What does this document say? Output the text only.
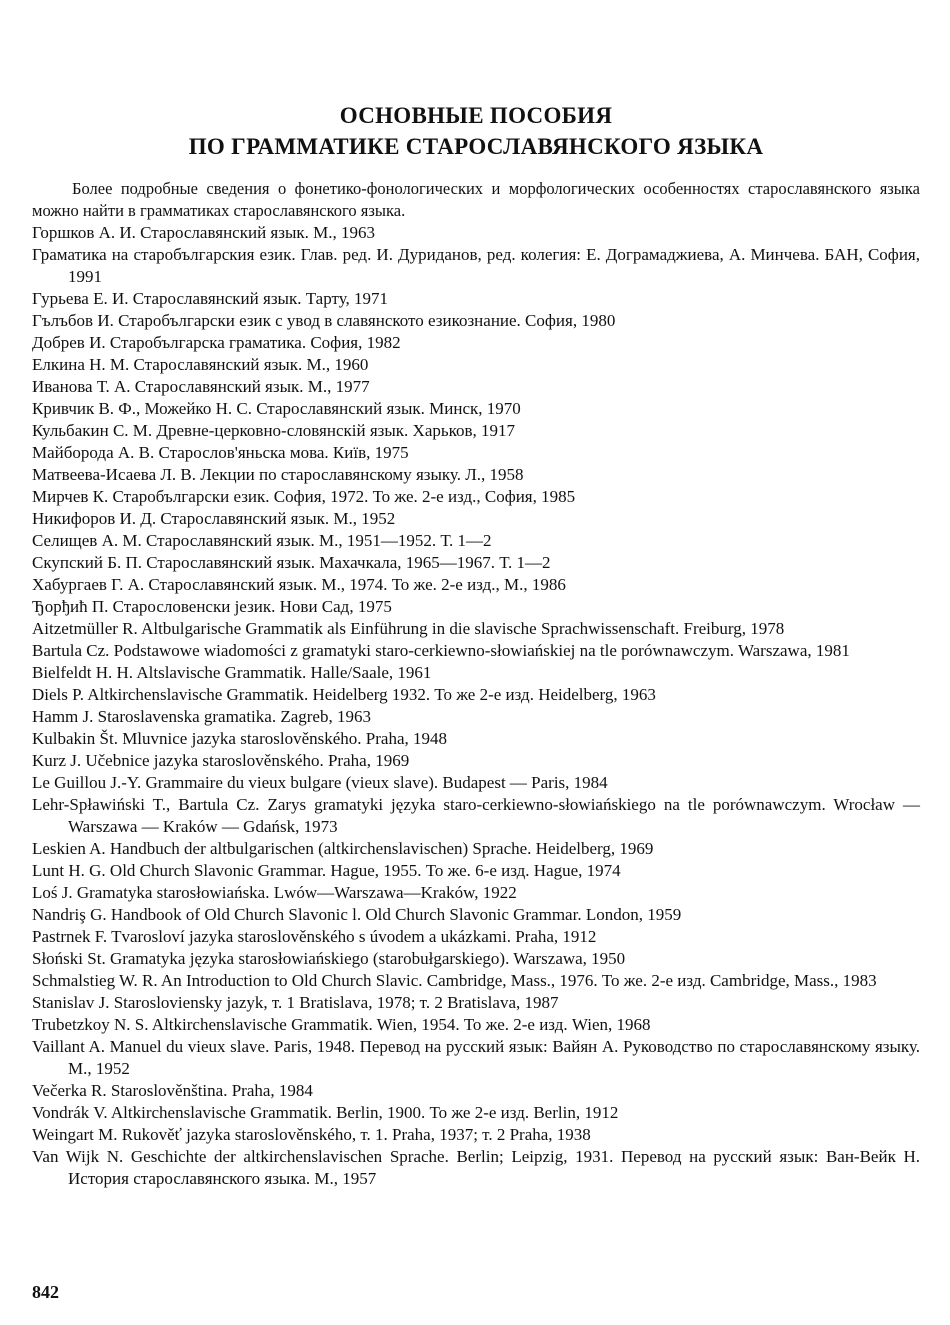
ОСНОВНЫЕ ПОСОБИЯ
ПО ГРАММАТИКЕ СТАРОСЛАВЯНСКОГО ЯЗЫКА

Более подробные сведения о фонетико-фонологических и морфологических особенностях старославянского языка можно найти в грамматиках старославянского языка.

Горшков А. И. Старославянский язык. М., 1963
Граматика на старобългарския език. Глав. ред. И. Дуриданов, ред. колегия: Е. Дограмаджиева, А. Минчева. БАН, София, 1991
Гурьева Е. И. Старославянский язык. Тарту, 1971
Гълъбов И. Старобългарски език с увод в славянското езикознание. София, 1980
Добрев И. Старобългарска граматика. София, 1982
Елкина Н. М. Старославянский язык. М., 1960
Иванова Т. А. Старославянский язык. М., 1977
Кривчик В. Ф., Можейко Н. С. Старославянский язык. Минск, 1970
Кульбакин С. М. Древне-церковно-словянскiй язык. Харьков, 1917
Майборода А. В. Старослов'яньска мова. Київ, 1975
Матвеева-Исаева Л. В. Лекции по старославянскому языку. Л., 1958
Мирчев К. Старобългарски език. София, 1972. То же. 2-е изд., София, 1985
Никифоров И. Д. Старославянский язык. М., 1952
Селищев А. М. Старославянский язык. М., 1951—1952. Т. 1—2
Скупский Б. П. Старославянский язык. Махачкала, 1965—1967. Т. 1—2
Хабургаев Г. А. Старославянский язык. М., 1974. То же. 2-е изд., М., 1986
Ђорђић П. Старословенски језик. Нови Сад, 1975
Aitzetmüller R. Altbulgarische Grammatik als Einführung in die slavische Sprachwissenschaft. Freiburg, 1978
Bartula Cz. Podstawowe wiadomości z gramatyki staro-cerkiewno-słowiańskiej na tle porównawczym. Warszawa, 1981
Bielfeldt H. H. Altslavische Grammatik. Halle/Saale, 1961
Diels P. Altkirchenslavische Grammatik. Heidelberg 1932. То же 2-е изд. Heidelberg, 1963
Hamm J. Staroslavenska gramatika. Zagreb, 1963
Kulbakin Št. Mluvnice jazyka staroslověnského. Praha, 1948
Kurz J. Učebnice jazyka staroslověnského. Praha, 1969
Le Guillou J.-Y. Grammaire du vieux bulgare (vieux slave). Budapest — Paris, 1984
Lehr-Spławiński T., Bartula Cz. Zarys gramatyki języka staro-cerkiewno-słowiańskiego na tle porównawczym. Wrocław — Warszawa — Kraków — Gdańsk, 1973
Leskien A. Handbuch der altbulgarischen (altkirchenslavischen) Sprache. Heidelberg, 1969
Lunt H. G. Old Church Slavonic Grammar. Hague, 1955. То же. 6-е изд. Hague, 1974
Loś J. Gramatyka starosłowiańska. Lwów—Warszawa—Kraków, 1922
Nandriş G. Handbook of Old Church Slavonic l. Old Church Slavonic Grammar. London, 1959
Pastrnek F. Tvarosloví jazyka staroslověnského s úvodem a ukázkami. Praha, 1912
Słoński St. Gramatyka języka starosłowiańskiego (starobułgarskiego). Warszawa, 1950
Schmalstieg W. R. An Introduction to Old Church Slavic. Cambridge, Mass., 1976. То же. 2-е изд. Cambridge, Mass., 1983
Stanislav J. Starosloviensky jazyk, т. 1 Bratislava, 1978; т. 2 Bratislava, 1987
Trubetzkoy N. S. Altkirchenslavische Grammatik. Wien, 1954. То же. 2-е изд. Wien, 1968
Vaillant A. Manuel du vieux slave. Paris, 1948. Перевод на русский язык: Вайян А. Руководство по старославянскому языку. М., 1952
Večerka R. Staroslověnština. Praha, 1984
Vondrák V. Altkirchenslavische Grammatik. Berlin, 1900. То же 2-е изд. Berlin, 1912
Weingart M. Rukověť jazyka staroslověnského, т. 1. Praha, 1937; т. 2 Praha, 1938
Van Wijk N. Geschichte der altkirchenslavischen Sprache. Berlin; Leipzig, 1931. Перевод на русский язык: Ван-Вейк Н. История старославянского языка. М., 1957
842
